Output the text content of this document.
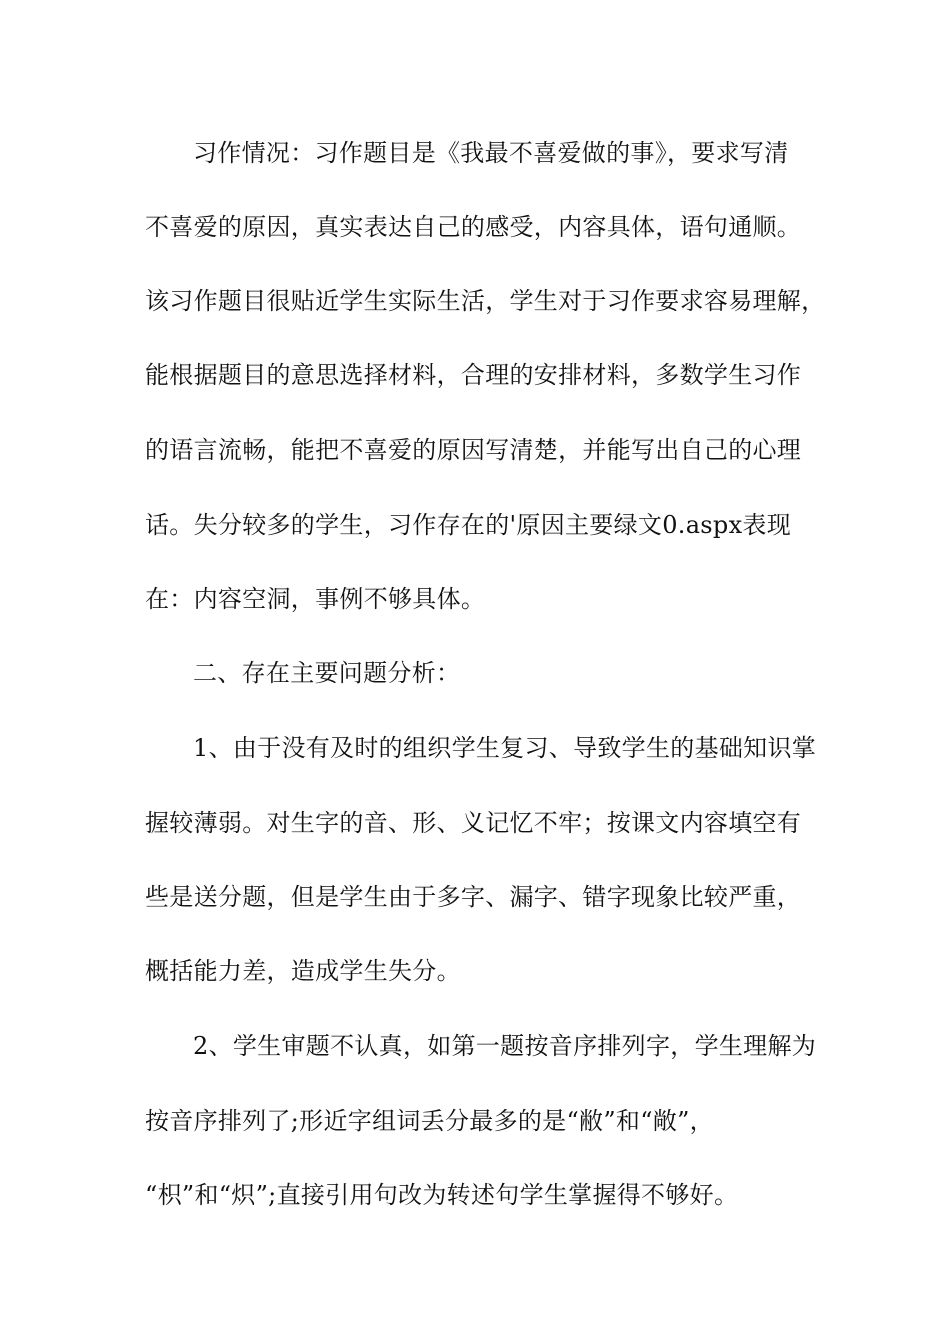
习作情况：习作题目是《我最不喜爱做的事》，要求写清
不喜爱的原因，真实表达自己的感受，内容具体，语句通顺。
该习作题目很贴近学生实际生活，学生对于习作要求容易理解，
能根据题目的意思选择材料，合理的安排材料，多数学生习作
的语言流畅，能把不喜爱的原因写清楚，并能写出自己的心理
话。失分较多的学生，习作存在的'原因主要绿文0.aspx表现
在：内容空洞，事例不够具体。
二、存在主要问题分析：
1、由于没有及时的组织学生复习、导致学生的基础知识掌
握较薄弱。对生字的音、形、义记忆不牢；按课文内容填空有
些是送分题，但是学生由于多字、漏字、错字现象比较严重，
概括能力差，造成学生失分。
2、学生审题不认真，如第一题按音序排列字，学生理解为
按音序排列了;形近字组词丢分最多的是“敝”和“敞”，
“枳”和“炽”;直接引用句改为转述句学生掌握得不够好。
